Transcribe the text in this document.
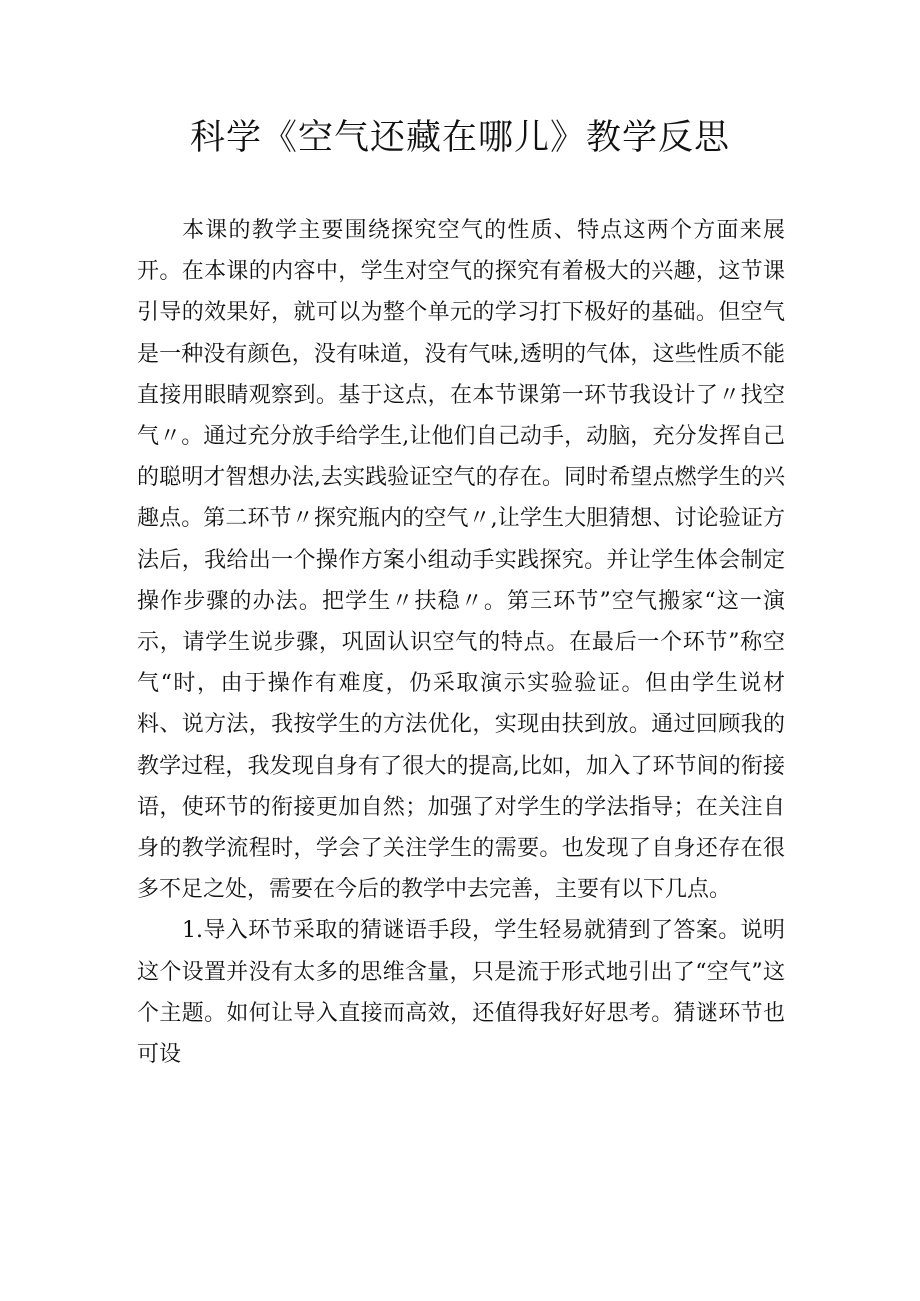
科学《空气还藏在哪儿》教学反思

本课的教学主要围绕探究空气的性质、特点这两个方面来展开。在本课的内容中，学生对空气的探究有着极大的兴趣，这节课引导的效果好，就可以为整个单元的学习打下极好的基础。但空气是一种没有颜色，没有味道，没有气味,透明的气体，这些性质不能直接用眼睛观察到。基于这点，在本节课第一环节我设计了〃找空气〃。通过充分放手给学生,让他们自己动手，动脑，充分发挥自己的聪明才智想办法,去实践验证空气的存在。同时希望点燃学生的兴趣点。第二环节〃探究瓶内的空气〃,让学生大胆猜想、讨论验证方法后，我给出一个操作方案小组动手实践探究。并让学生体会制定操作步骤的办法。把学生〃扶稳〃。第三环节”空气搬家“这一演示，请学生说步骤，巩固认识空气的特点。在最后一个环节”称空气“时，由于操作有难度，仍采取演示实验验证。但由学生说材料、说方法，我按学生的方法优化，实现由扶到放。通过回顾我的教学过程，我发现自身有了很大的提高,比如，加入了环节间的衔接语，使环节的衔接更加自然；加强了对学生的学法指导；在关注自身的教学流程时，学会了关注学生的需要。也发现了自身还存在很多不足之处，需要在今后的教学中去完善，主要有以下几点。

1.导入环节采取的猜谜语手段，学生轻易就猜到了答案。说明这个设置并没有太多的思维含量，只是流于形式地引出了“空气”这个主题。如何让导入直接而高效，还值得我好好思考。猜谜环节也可设
